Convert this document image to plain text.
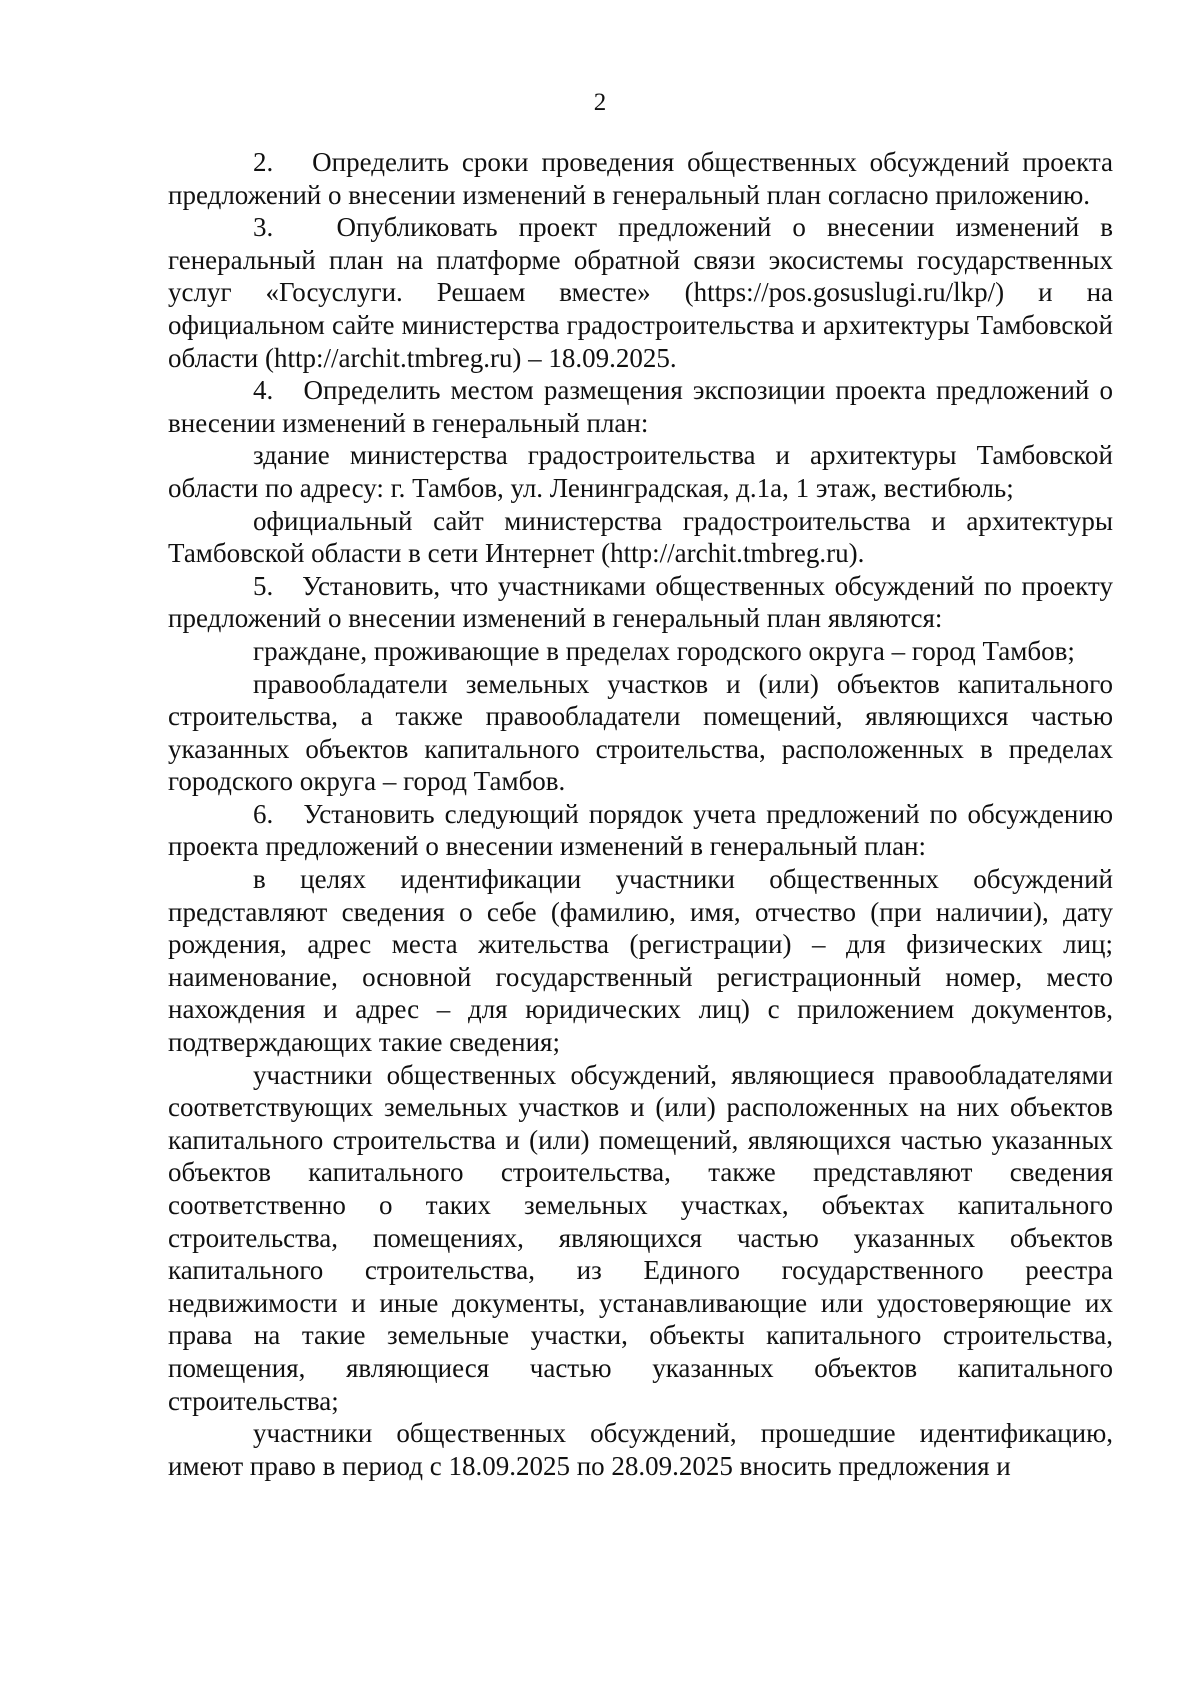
2

2.   Определить сроки проведения общественных обсуждений проекта предложений о внесении изменений в генеральный план согласно приложению.

3.   Опубликовать проект предложений о внесении изменений в генеральный план на платформе обратной связи экосистемы государственных услуг «Госуслуги. Решаем вместе» (https://pos.gosuslugi.ru/lkp/) и на официальном сайте министерства градостроительства и архитектуры Тамбовской области (http://archit.tmbreg.ru) – 18.09.2025.

4.   Определить местом размещения экспозиции проекта предложений о внесении изменений в генеральный план:

здание министерства градостроительства и архитектуры Тамбовской области по адресу: г. Тамбов, ул. Ленинградская, д.1а, 1 этаж, вестибюль;

официальный сайт министерства градостроительства и архитектуры Тамбовской области в сети Интернет (http://archit.tmbreg.ru).

5.   Установить, что участниками общественных обсуждений по проекту предложений о внесении изменений в генеральный план являются:

граждане, проживающие в пределах городского округа – город Тамбов;

правообладатели земельных участков и (или) объектов капитального строительства, а также правообладатели помещений, являющихся частью указанных объектов капитального строительства, расположенных в пределах городского округа – город Тамбов.

6.   Установить следующий порядок учета предложений по обсуждению проекта предложений о внесении изменений в генеральный план:

в целях идентификации участники общественных обсуждений представляют сведения о себе (фамилию, имя, отчество (при наличии), дату рождения, адрес места жительства (регистрации) – для физических лиц; наименование, основной государственный регистрационный номер, место нахождения и адрес – для юридических лиц) с приложением документов, подтверждающих такие сведения;

участники общественных обсуждений, являющиеся правообладателями соответствующих земельных участков и (или) расположенных на них объектов капитального строительства и (или) помещений, являющихся частью указанных объектов капитального строительства, также представляют сведения соответственно о таких земельных участках, объектах капитального строительства, помещениях, являющихся частью указанных объектов капитального строительства, из Единого государственного реестра недвижимости и иные документы, устанавливающие или удостоверяющие их права на такие земельные участки, объекты капитального строительства, помещения, являющиеся частью указанных объектов капитального строительства;

участники общественных обсуждений, прошедшие идентификацию, имеют право в период с 18.09.2025 по 28.09.2025 вносить предложения и
